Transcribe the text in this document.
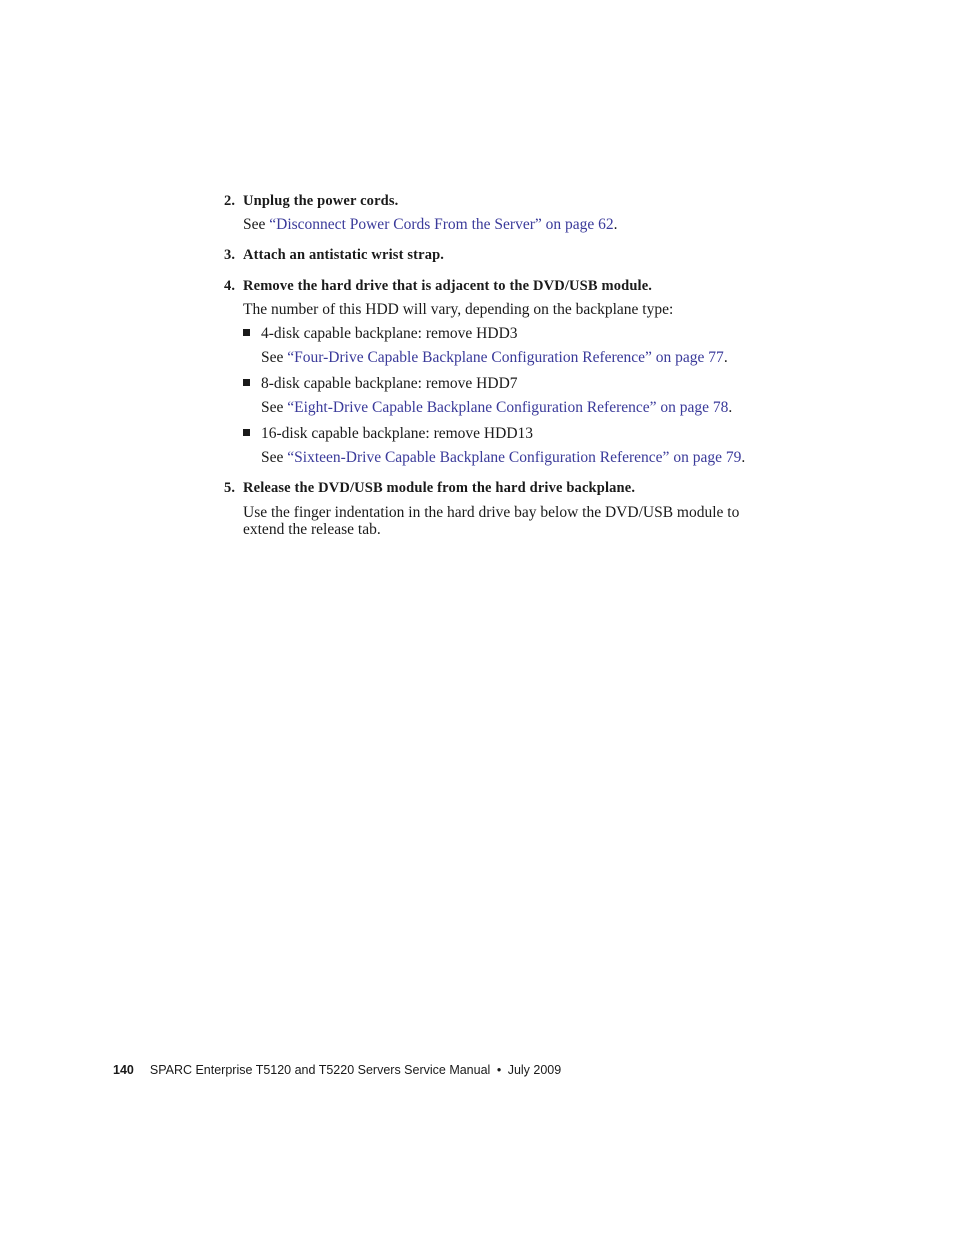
2. Unplug the power cords.
See “Disconnect Power Cords From the Server” on page 62.
3. Attach an antistatic wrist strap.
4. Remove the hard drive that is adjacent to the DVD/USB module.
The number of this HDD will vary, depending on the backplane type:
4-disk capable backplane: remove HDD3
See “Four-Drive Capable Backplane Configuration Reference” on page 77.
8-disk capable backplane: remove HDD7
See “Eight-Drive Capable Backplane Configuration Reference” on page 78.
16-disk capable backplane: remove HDD13
See “Sixteen-Drive Capable Backplane Configuration Reference” on page 79.
5. Release the DVD/USB module from the hard drive backplane.
Use the finger indentation in the hard drive bay below the DVD/USB module to
extend the release tab.
140 SPARC Enterprise T5120 and T5220 Servers Service Manual • July 2009
